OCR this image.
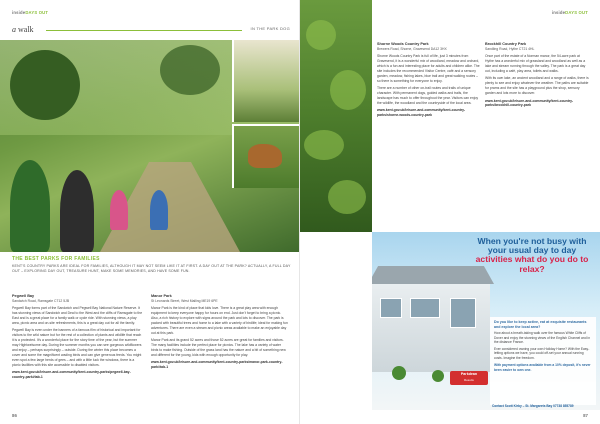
insideDAYS OUT
a walk	IN THE PARK DOG
THE BEST PARKS FOR FAMILIES
KENT'S COUNTRY PARKS ARE IDEAL FOR FAMILIES, ALTHOUGH IT MAY NOT SEEM LIKE IT AT FIRST. A DAY OUT AT THE PARK? ACTUALLY, A FULL DAY OUT – EXPLORING DAY OUT, TREASURE HUNT, MAKE SOME MEMORIES, AND HAVE SOME FUN.
Pegwell Bay
Sandwich Road, Ramsgate CT12 5JB
Pegwell Bay forms part of the Sandwich and Pegwell Bay National Nature Reserve. It has stunning views of Sandwich and Deal to the West and the cliffs of Ramsgate to the East and is a great place for a family walk or cycle ride. With stunning views, a play area, picnic area and on-site refreshments, this is a great day out for all the family.
Pegwell Bay is even under the banners of a famous film of historical and important for visitors to the wild nature but for the rest of a collection of plants and wildlife that reach it is a protected. It's a wonderful place for the story time of the year, but the summer may Hightwelsome day. During the summer months you can see gorgeous wildflowers and enjoy – perhaps surprisingly – outside. During the winter this place becomes a cover and some the magnificent wading birds and can give generous feeds. You might even spot a few large herds of gees – and with a little luck the windows, there is a picnic facilities with this site accessible to disabled visitors.
www.kent.gov.uk/leisure-and-community/kent-country-parks/pegwell-bay-country-park#tab-1
Manor Park
St Leonards Street, West Malling ME19 6PE
Manor Park is the kind of place that kids love. There is a great play area with enough equipment to keep everyone happy for hours on end. Just don't forget to bring a picnic. Also, a rich history to explore with signs around the park and lots to discover. The park is packed with beautiful trees and home to a lake with a variety of birdlife; ideal for making fun adventures. There are even a stream and picnic areas available to make an enjoyable day out at this park.
Manor Park and its grand 52 acres and those 52 acres are great for families and visitors. The many facilities include the perfect place for picnics. The lake has a variety of water birds to make fishing. Outside of the grass land has the nature and a bit of something new and different for the young, kids with enough opportunity for play.
www.kent.gov.uk/leisure-and-community/kent-country-parks/manor-park-country-park#tab-1
86
insideDAYS OUT
87
Shorne Woods Country Park
Brewers Road, Shorne, Gravesend DA12 3HX
Shorne Woods Country Park is full of life, just 3 minutes from Gravesend, it is a wonderful mix of woodland, meadow and orchard, which is a fun and interesting place for adults and children alike. The site includes the recommended Visitor Centre, café and a sensory garden, meadow, fishing lakes, blue trail and great walking routes – so there is something for everyone to enjoy.
There are a number of other on-trail routes and trails of unique character. With permanent dogs, guided walks and trails, the landscape has much to offer throughout the year. Visitors can enjoy the wildlife, the woodland and the countryside of the local area.
www.kent.gov.uk/leisure-and-community/kent-country-parks/shorne-woods-country-park
Brockhill Country Park
Sandling Road, Hythe CT21 4HL
Once part of the estate of a Norman manor, the 54-acre park at Hythe has a wonderful mix of grassland and woodland as well as a lake and stream running through the valley. The park is a great day out, including a café, play area, toilets and walks.
With its own lake, an ancient woodland and a range of walks, there is plenty to see and enjoy whatever the weather. The paths are suitable for prams and the site has a playground plus the shop, sensory garden and lots more to discover.
www.kent.gov.uk/leisure-and-community/kent-country-parks/brockhill-country-park
When you're not busy with your usual day to day activities what do you do to relax?
Parkdean
Resorts
Do you like to keep active, eat at exquisite restaurants and explore the local area?
How about a breath-taking walk over the famous White Cliffs of Dover and enjoy the stunning views of the English Channel and in the distance France.
Ever considered owning your own Holiday Home? With the Easy-letting options we have, you could off-set your annual running costs. Imagine the freedom.
With payment options available from a 10% deposit, it's never been easier to own one.
Contact Scott Kirby – St. Margarets Bay 07738 855789
